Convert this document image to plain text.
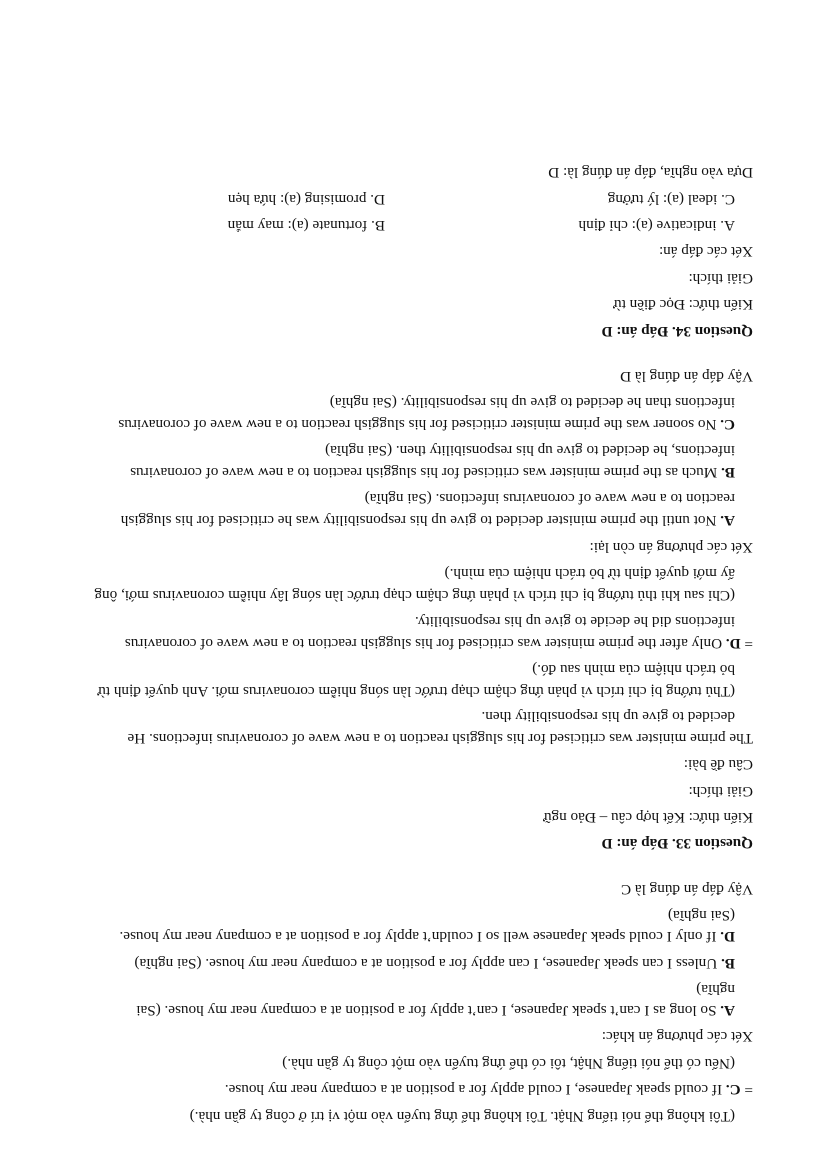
(Tôi không thể nói tiếng Nhật. Tôi không thể ứng tuyển vào một vị trí ở công ty gần nhà.)
= C. If could speak Japanese, I could apply for a position at a company near my house.
(Nếu có thể nói tiếng Nhật, tôi có thể ứng tuyển vào một công ty gần nhà.)
Xét các phương án khác:
A. So long as I can’t speak Japanese, I can’t apply for a position at a company near my house. (Sai
nghĩa)
B. Unless I can speak Japanese, I can apply for a position at a company near my house. (Sai nghĩa)
D. If only I could speak Japanese well so I couldn’t apply for a position at a company near my house.
(Sai nghĩa)
Vậy đáp án đúng là C
Question 33. Đáp án: D
Kiến thức: Kết hợp câu – Đảo ngữ
Giải thích:
Câu đề bài:
The prime minister was criticised for his sluggish reaction to a new wave of coronavirus infections. He
decided to give up his responsibility then.
(Thủ tướng bị chỉ trích vì phản ứng chậm chạp trước làn sóng nhiễm coronavirus mới. Anh quyết định từ
bỏ trách nhiệm của mình sau đó.)
= D. Only after the prime minister was criticised for his sluggish reaction to a new wave of coronavirus
infections did he decide to give up his responsibility.
(Chỉ sau khi thủ tướng bị chỉ trích vì phản ứng chậm chạp trước làn sóng lây nhiễm coronavirus mới, ông
ấy mới quyết định từ bỏ trách nhiệm của mình.)
Xét các phương án còn lại:
A. Not until the prime minister decided to give up his responsibility was he criticised for his sluggish
reaction to a new wave of coronavirus infections. (Sai nghĩa)
B. Much as the prime minister was criticised for his sluggish reaction to a new wave of coronavirus
infections, he decided to give up his responsibility then. (Sai nghĩa)
C. No sooner was the prime minister criticised for his sluggish reaction to a new wave of coronavirus
infections than he decided to give up his responsibility. (Sai nghĩa)
Vậy đáp án đúng là D
Question 34. Đáp án: D
Kiến thức: Đọc điền từ
Giải thích:
Xét các đáp án:
A. indicative (a): chỉ địnhB. fortunate (a): may mắn
C. ideal (a): lý tưởngD. promising (a): hứa hẹn
Dựa vào nghĩa, đáp án đúng là: D
